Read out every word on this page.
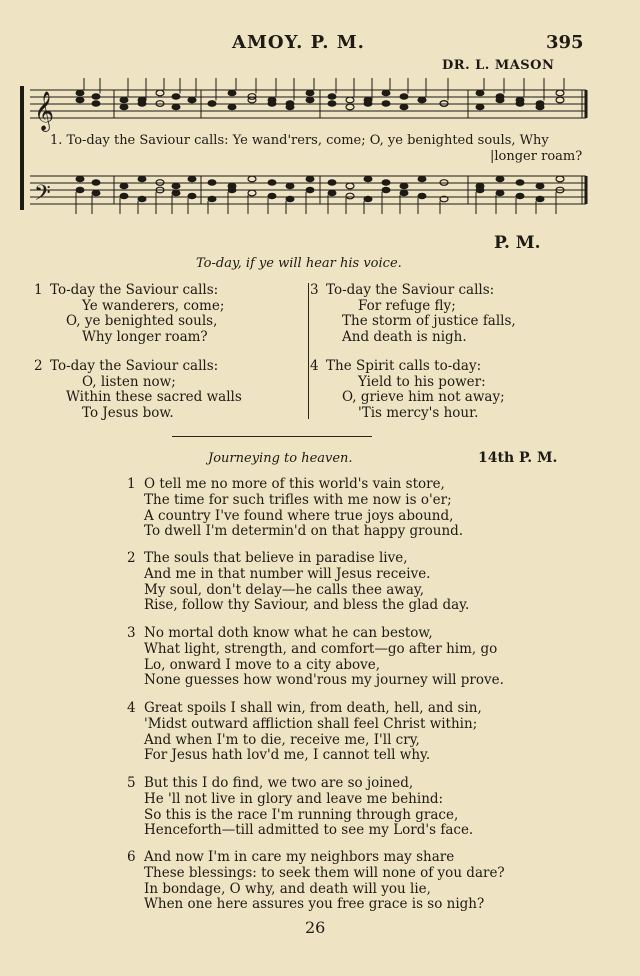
AMOY. P. M.	395
DR. L. MASON
𝄞
𝄢
1. To-day the Saviour calls: Ye wand'rers, come; O, ye benighted souls, Why
|longer roam?
P. M.
To-day, if ye will hear his voice.
To-day the Saviour calls:
Ye wanderers, come;
O, ye benighted souls,
Why longer roam?
1
To-day the Saviour calls:
O, listen now;
Within these sacred walls
To Jesus bow.
2
To-day the Saviour calls:
For refuge fly;
The storm of justice falls,
And death is nigh.
3
The Spirit calls to-day:
Yield to his power:
O, grieve him not away;
'Tis mercy's hour.
4
Journeying to heaven.	14th P. M.
1 O tell me no more of this world's vain store,
The time for such trifles with me now is o'er;
A country I've found where true joys abound,
To dwell I'm determin'd on that happy ground.
2 The souls that believe in paradise live,
And me in that number will Jesus receive.
My soul, don't delay—he calls thee away,
Rise, follow thy Saviour, and bless the glad day.
3 No mortal doth know what he can bestow,
What light, strength, and comfort—go after him, go
Lo, onward I move to a city above,
None guesses how wond'rous my journey will prove.
4 Great spoils I shall win, from death, hell, and sin,
'Midst outward affliction shall feel Christ within;
And when I'm to die, receive me, I'll cry,
For Jesus hath lov'd me, I cannot tell why.
5 But this I do find, we two are so joined,
He 'll not live in glory and leave me behind:
So this is the race I'm running through grace,
Henceforth—till admitted to see my Lord's face.
6 And now I'm in care my neighbors may share
These blessings: to seek them will none of you dare?
In bondage, O why, and death will you lie,
When one here assures you free grace is so nigh?
26
